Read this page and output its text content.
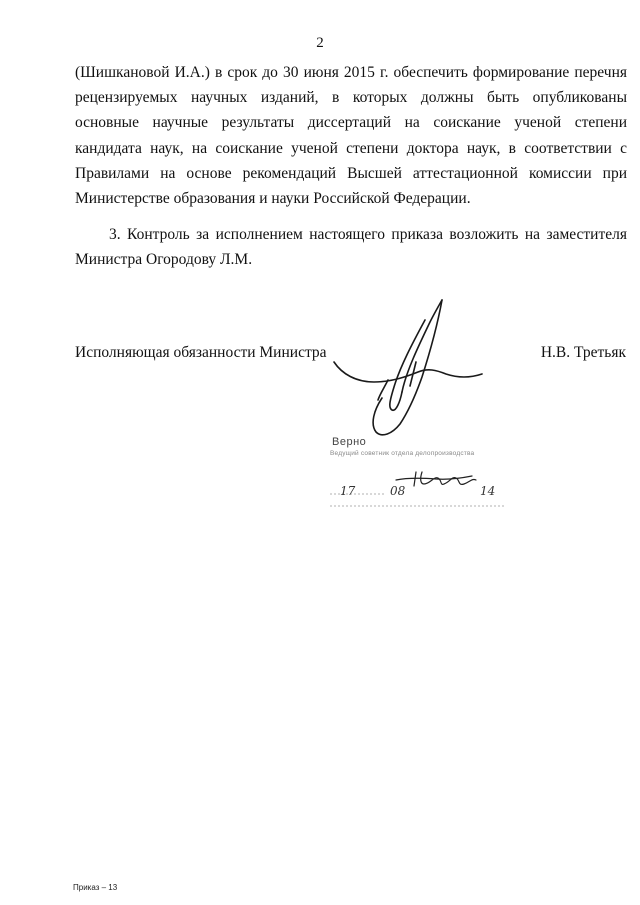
2

(Шишкановой И.А.) в срок до 30 июня 2015 г. обеспечить формирование перечня рецензируемых научных изданий, в которых должны быть опубликованы основные научные результаты диссертаций на соискание ученой степени кандидата наук, на соискание ученой степени доктора наук, в соответствии с Правилами на основе рекомендаций Высшей аттестационной комиссии при Министерстве образования и науки Российской Федерации.

3. Контроль за исполнением настоящего приказа возложить на заместителя Министра Огородову Л.М.

Исполняющая обязанности Министра	Н.В. Третьяк
Верно
Ведущий советник отдела делопроизводства
17	08	14
Приказ – 13
